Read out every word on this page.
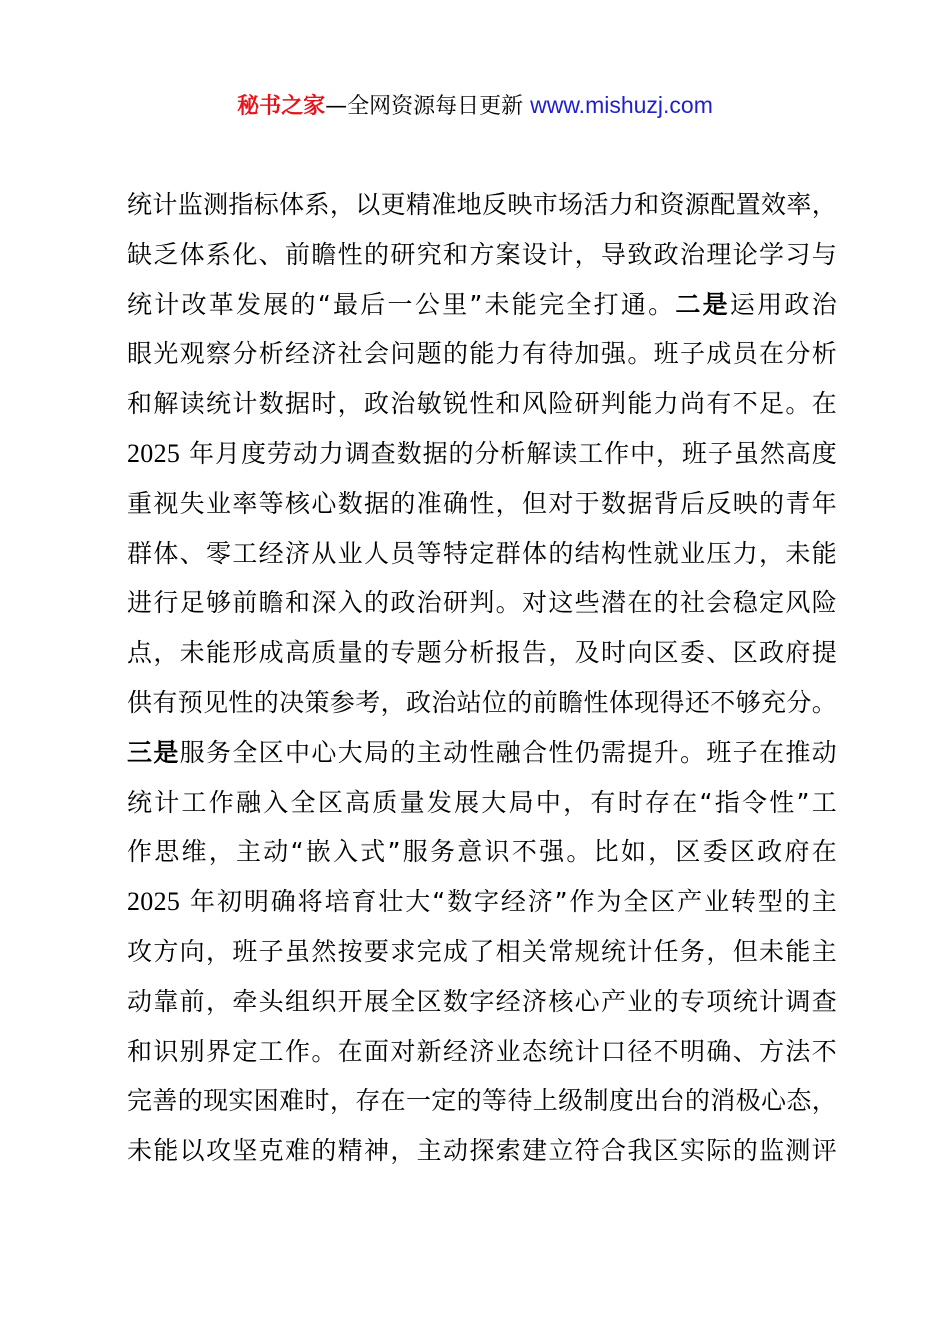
秘书之家—全网资源每日更新 www.mishuzj.com
统计监测指标体系，以更精准地反映市场活力和资源配置效率，
缺乏体系化、前瞻性的研究和方案设计，导致政治理论学习与
统计改革发展的“最后一公里”未能完全打通。二是运用政治
眼光观察分析经济社会问题的能力有待加强。班子成员在分析
和解读统计数据时，政治敏锐性和风险研判能力尚有不足。在
2025 年月度劳动力调查数据的分析解读工作中，班子虽然高度
重视失业率等核心数据的准确性，但对于数据背后反映的青年
群体、零工经济从业人员等特定群体的结构性就业压力，未能
进行足够前瞻和深入的政治研判。对这些潜在的社会稳定风险
点，未能形成高质量的专题分析报告，及时向区委、区政府提
供有预见性的决策参考，政治站位的前瞻性体现得还不够充分。
三是服务全区中心大局的主动性融合性仍需提升。班子在推动
统计工作融入全区高质量发展大局中，有时存在“指令性”工
作思维，主动“嵌入式”服务意识不强。比如，区委区政府在
2025 年初明确将培育壮大“数字经济”作为全区产业转型的主
攻方向，班子虽然按要求完成了相关常规统计任务，但未能主
动靠前，牵头组织开展全区数字经济核心产业的专项统计调查
和识别界定工作。在面对新经济业态统计口径不明确、方法不
完善的现实困难时，存在一定的等待上级制度出台的消极心态，
未能以攻坚克难的精神，主动探索建立符合我区实际的监测评
